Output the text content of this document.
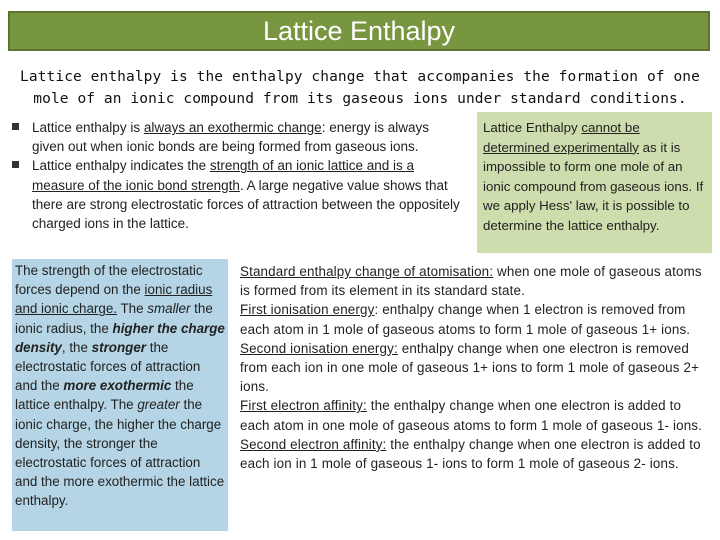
Lattice Enthalpy
Lattice enthalpy is the enthalpy change that accompanies the formation of one mole of an ionic compound from its gaseous ions under standard conditions.
Lattice enthalpy is always an exothermic change: energy is always given out when ionic bonds are being formed from gaseous ions.
Lattice enthalpy indicates the strength of an ionic lattice and is a measure of the ionic bond strength. A large negative value shows that there are strong electrostatic forces of attraction between the oppositely charged ions in the lattice.
Lattice Enthalpy cannot be determined experimentally as it is impossible to form one mole of an ionic compound from gaseous ions. If we apply Hess' law, it is possible to determine the lattice enthalpy.
The strength of the electrostatic forces depend on the ionic radius and ionic charge. The smaller the ionic radius, the higher the charge density, the stronger the electrostatic forces of attraction and the more exothermic the lattice enthalpy. The greater the ionic charge, the higher the charge density, the stronger the electrostatic forces of attraction and the more exothermic the lattice enthalpy.

Standard enthalpy change of atomisation: when one mole of gaseous atoms is formed from its element in its standard state.

First ionisation energy: enthalpy change when 1 electron is removed from each atom in 1 mole of gaseous atoms to form 1 mole of gaseous 1+ ions.

Second ionisation energy: enthalpy change when one electron is removed from each ion in one mole of gaseous 1+ ions to form 1 mole of gaseous 2+ ions.

First electron affinity: the enthalpy change when one electron is added to each atom in one mole of gaseous atoms to form 1 mole of gaseous 1- ions.

Second electron affinity: the enthalpy change when one electron is added to each ion in 1 mole of gaseous 1- ions to form 1 mole of gaseous 2- ions.
